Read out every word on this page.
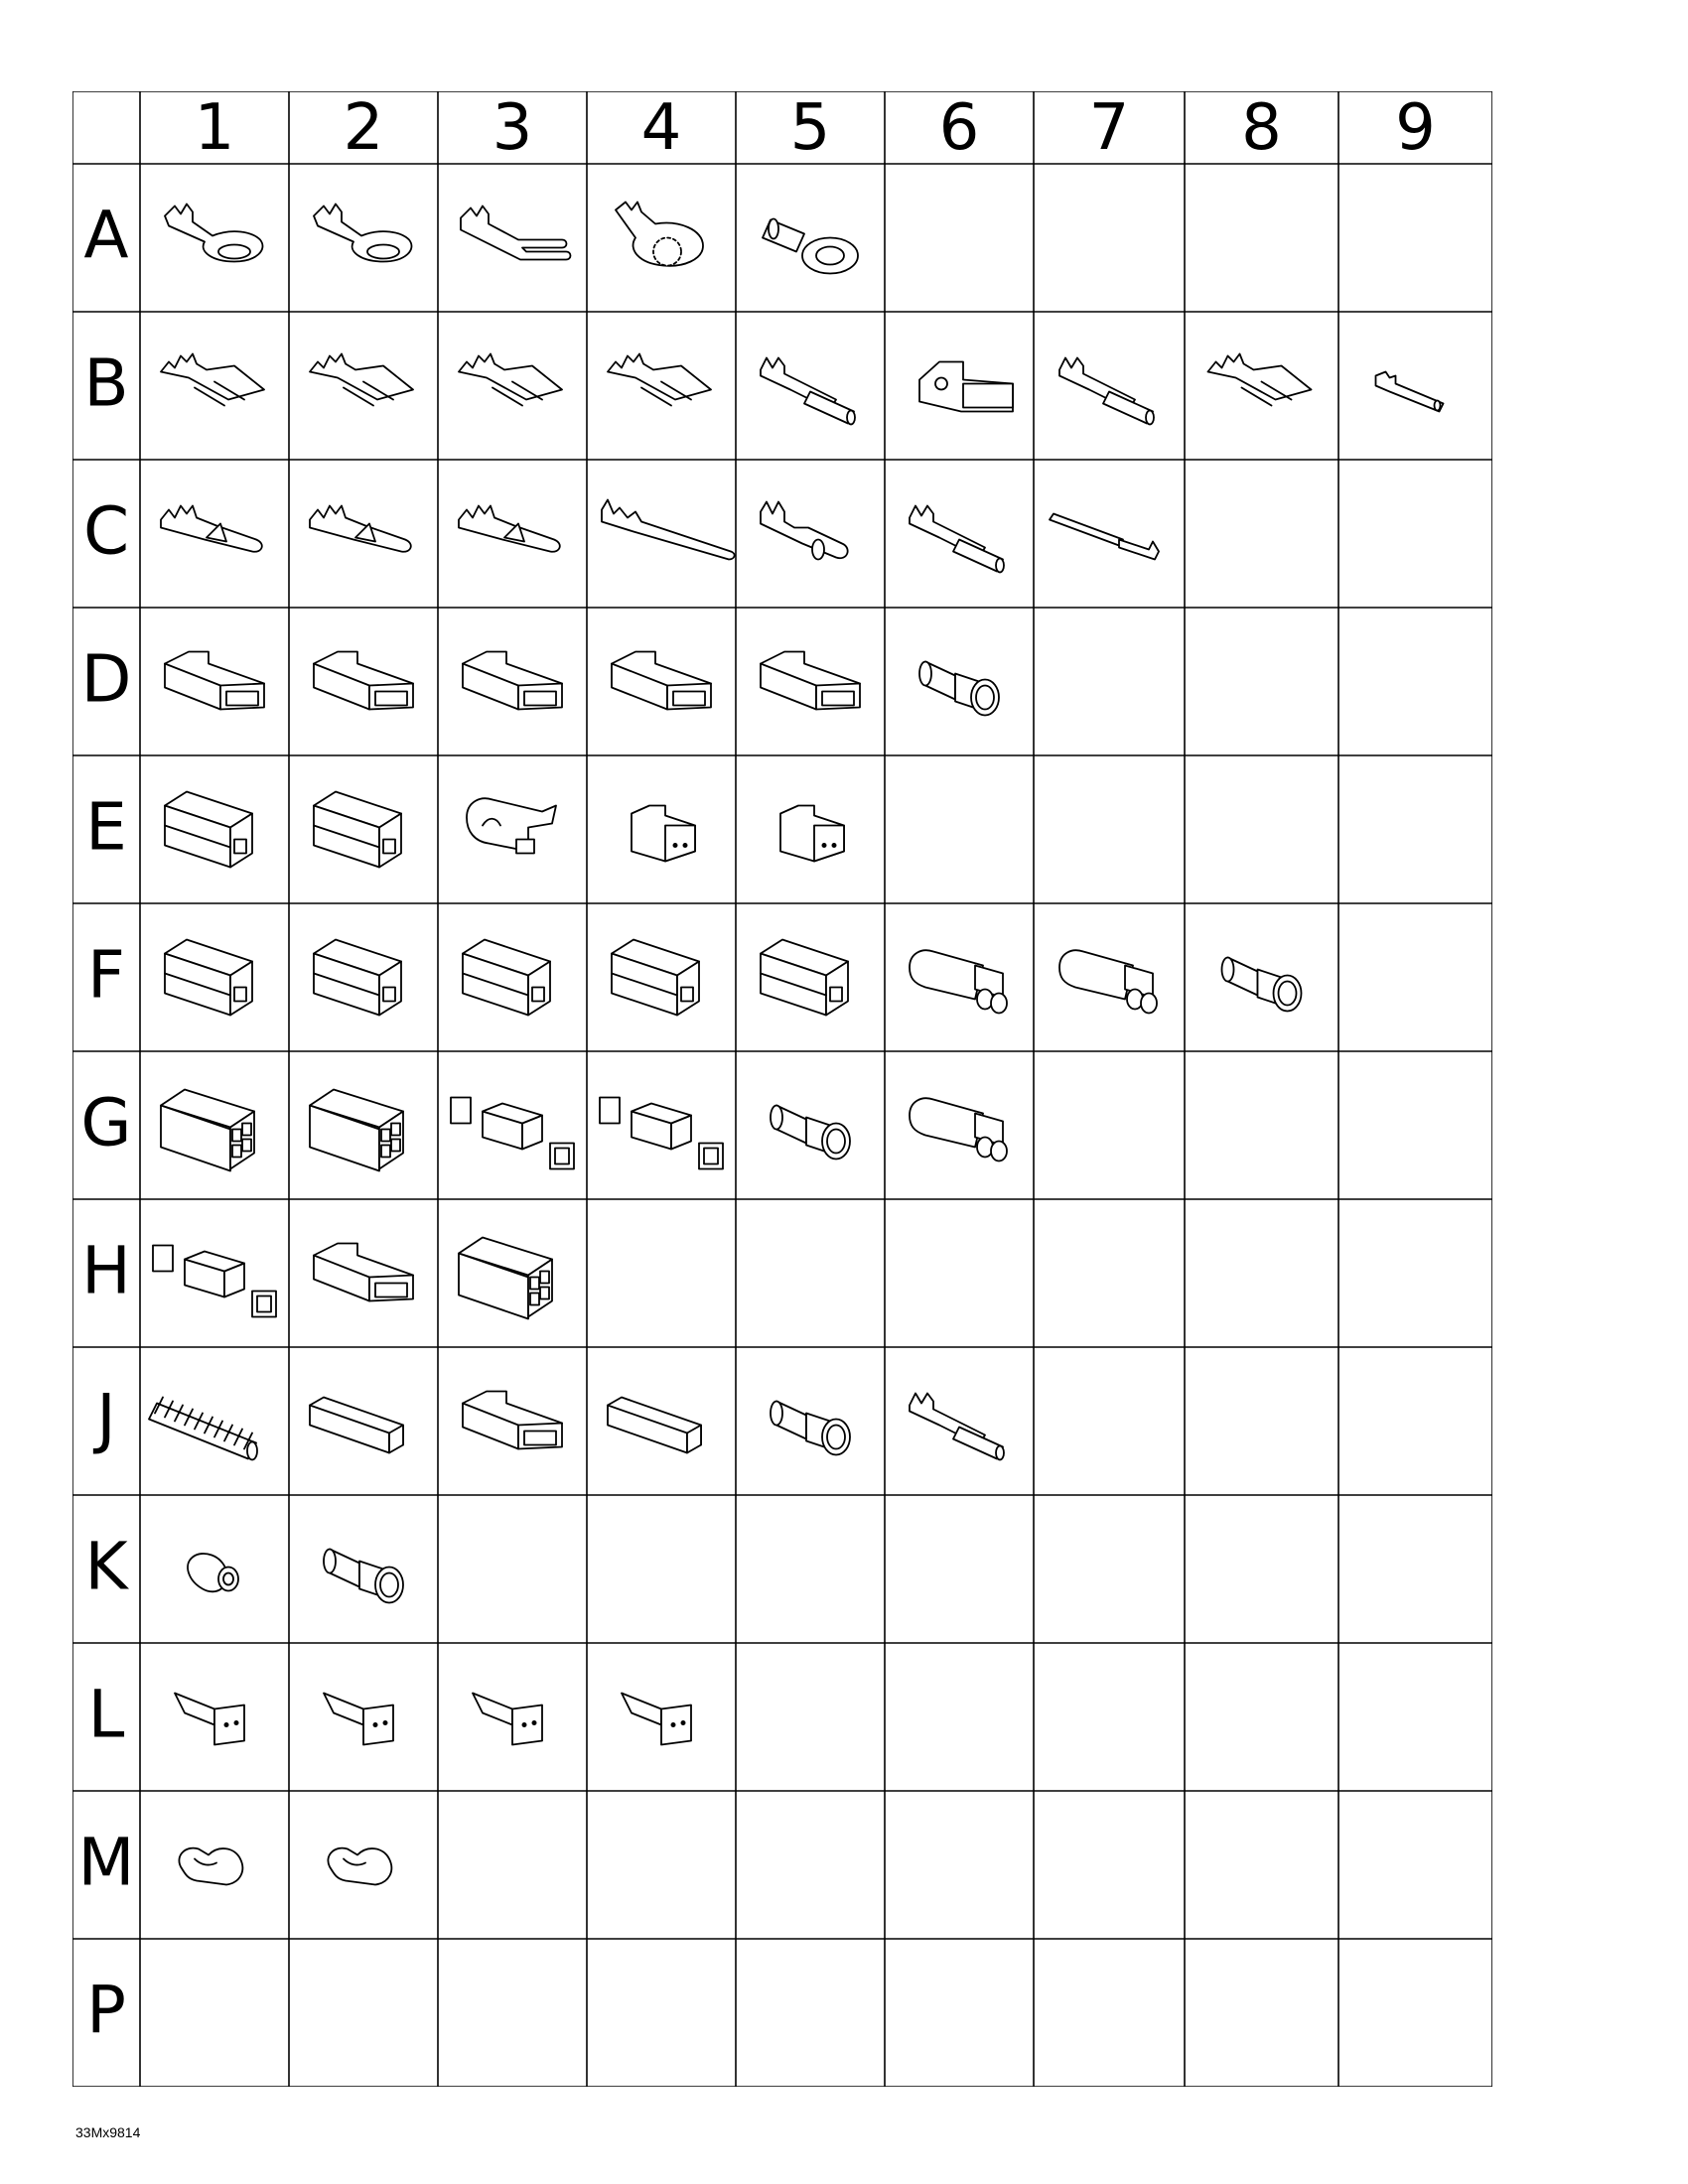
1 2 3 4 5 6 7 8 9
A
B
C
D
E
F
G
H
J
K
L
M
P
33Mx9814
